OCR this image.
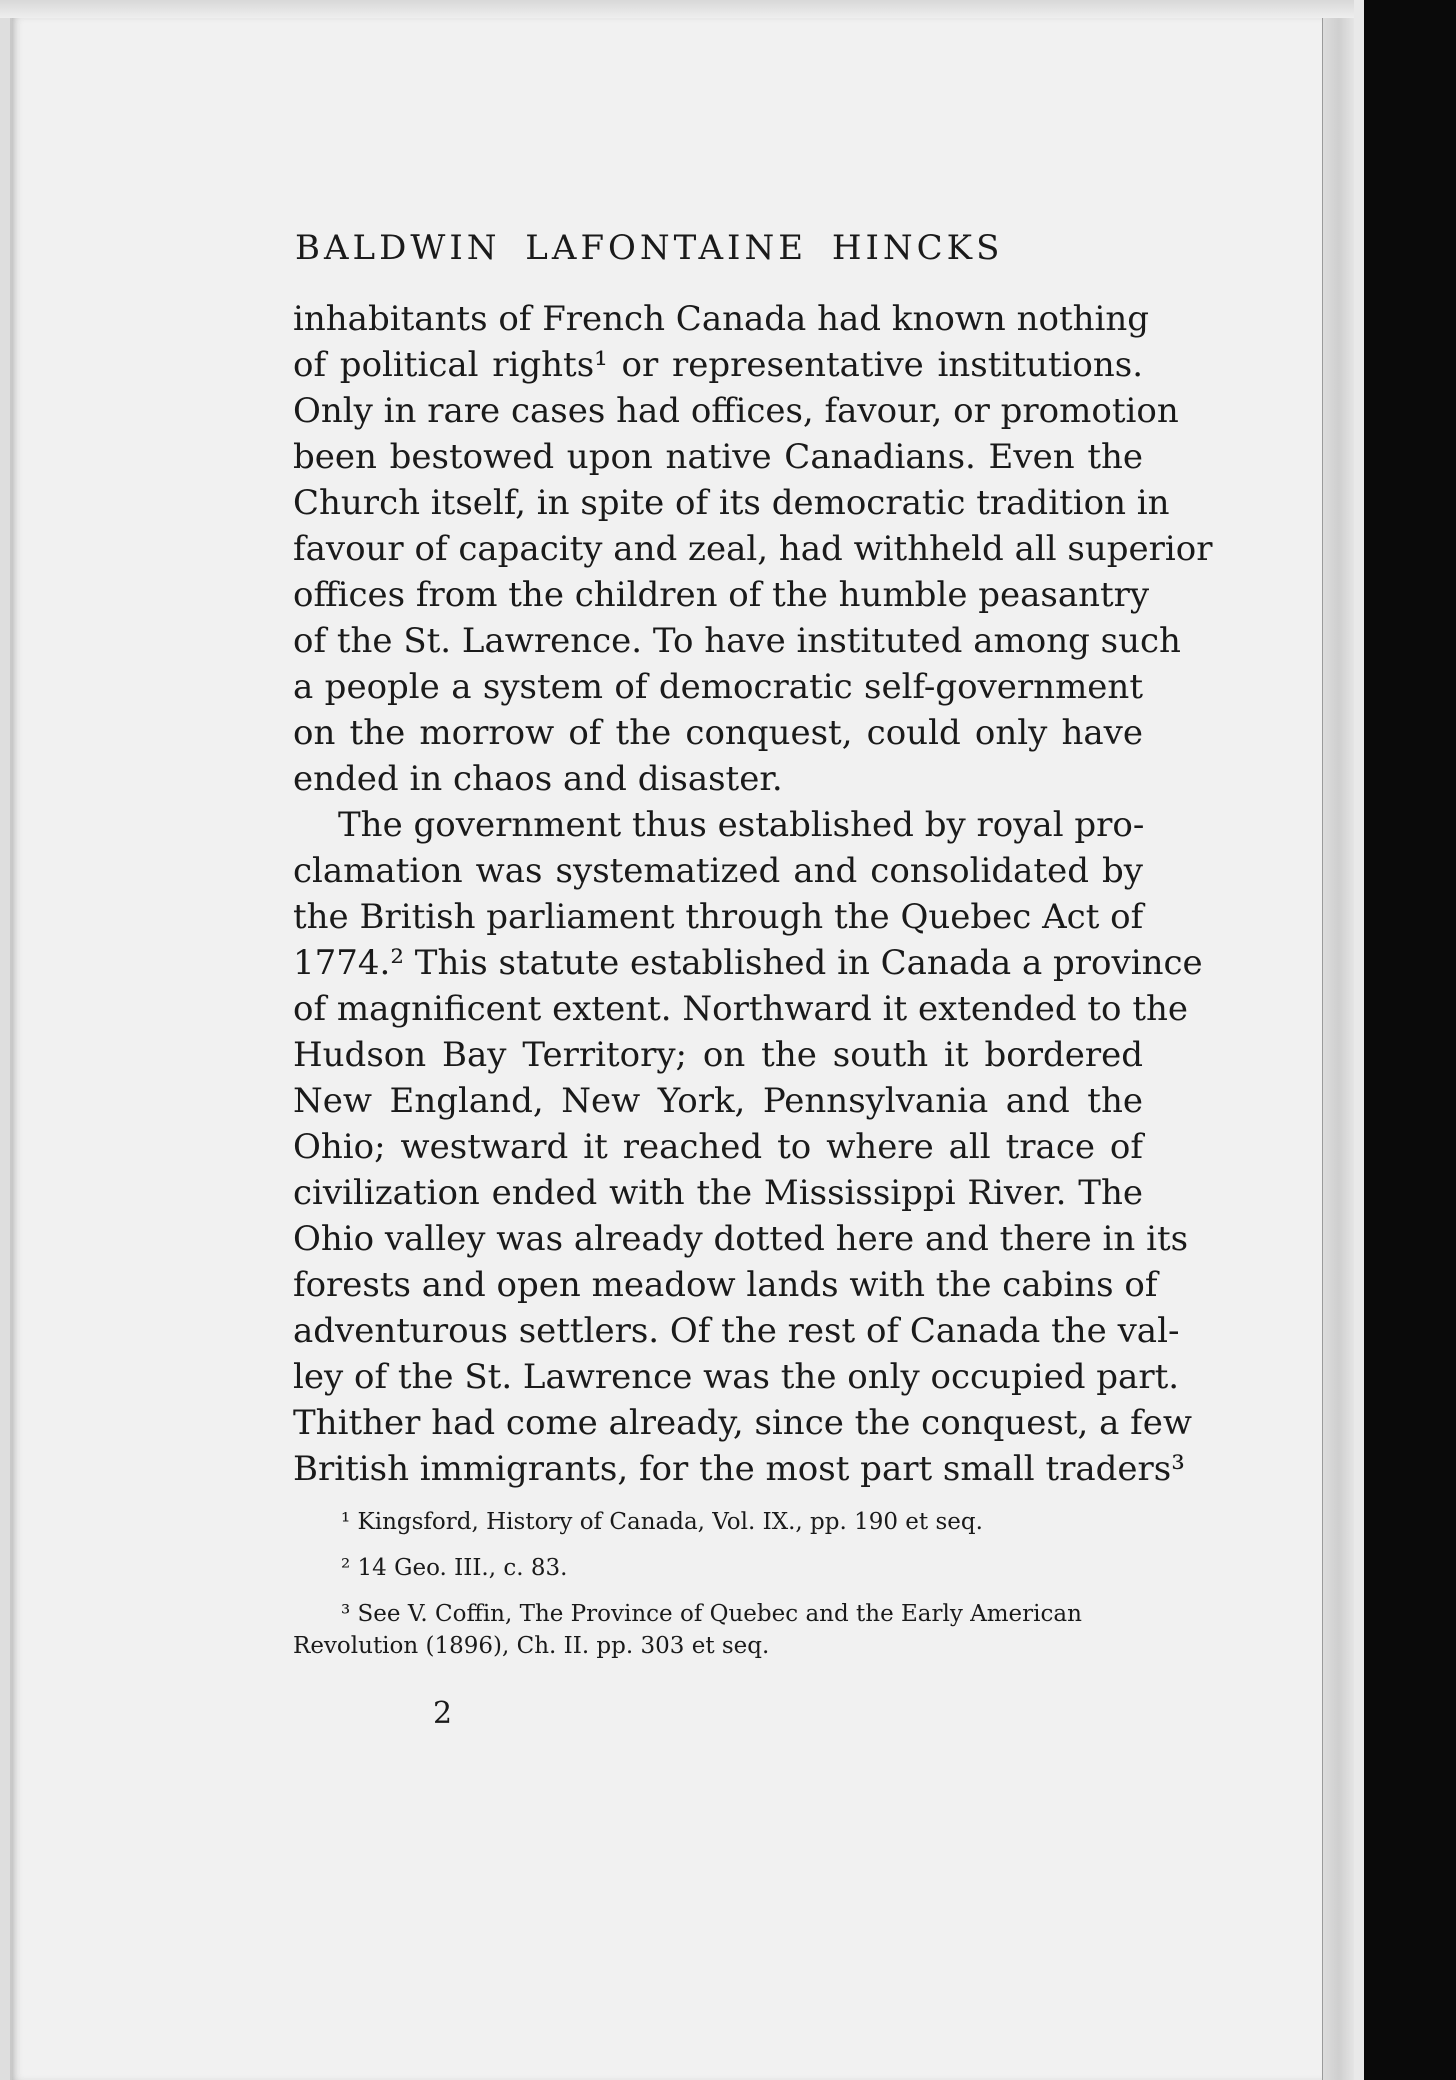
BALDWIN LAFONTAINE HINCKS
inhabitants of French Canada had known nothing
of political rights¹ or representative institutions.
Only in rare cases had offices, favour, or promotion
been bestowed upon native Canadians. Even the
Church itself, in spite of its democratic tradition in
favour of capacity and zeal, had withheld all superior
offices from the children of the humble peasantry
of the St. Lawrence. To have instituted among such
a people a system of democratic self-government
on the morrow of the conquest, could only have
ended in chaos and disaster.
The government thus established by royal pro-
clamation was systematized and consolidated by
the British parliament through the Quebec Act of
1774.² This statute established in Canada a province
of magnificent extent. Northward it extended to the
Hudson Bay Territory; on the south it bordered
New England, New York, Pennsylvania and the
Ohio; westward it reached to where all trace of
civilization ended with the Mississippi River. The
Ohio valley was already dotted here and there in its
forests and open meadow lands with the cabins of
adventurous settlers. Of the rest of Canada the val-
ley of the St. Lawrence was the only occupied part.
Thither had come already, since the conquest, a few
British immigrants, for the most part small traders³
¹ Kingsford, History of Canada, Vol. IX., pp. 190 et seq.
² 14 Geo. III., c. 83.
³ See V. Coffin, The Province of Quebec and the Early American
Revolution (1896), Ch. II. pp. 303 et seq.
2
